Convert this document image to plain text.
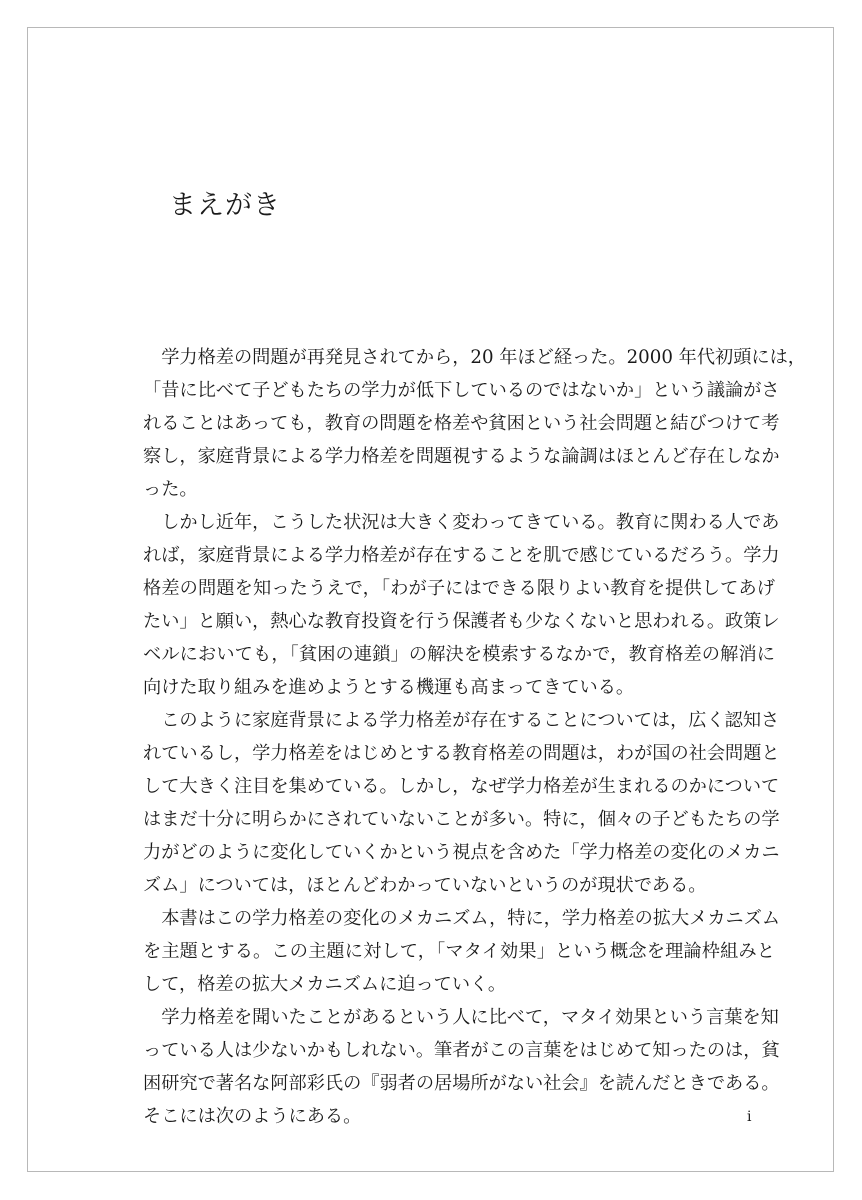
まえがき
　学力格差の問題が再発見されてから，20 年ほど経った。2000 年代初頭には，
「昔に比べて子どもたちの学力が低下しているのではないか」という議論がさ
れることはあっても，教育の問題を格差や貧困という社会問題と結びつけて考
察し，家庭背景による学力格差を問題視するような論調はほとんど存在しなか
った。
　しかし近年，こうした状況は大きく変わってきている。教育に関わる人であ
れば，家庭背景による学力格差が存在することを肌で感じているだろう。学力
格差の問題を知ったうえで，「わが子にはできる限りよい教育を提供してあげ
たい」と願い，熱心な教育投資を行う保護者も少なくないと思われる。政策レ
ベルにおいても，「貧困の連鎖」の解決を模索するなかで，教育格差の解消に
向けた取り組みを進めようとする機運も高まってきている。
　このように家庭背景による学力格差が存在することについては，広く認知さ
れているし，学力格差をはじめとする教育格差の問題は，わが国の社会問題と
して大きく注目を集めている。しかし，なぜ学力格差が生まれるのかについて
はまだ十分に明らかにされていないことが多い。特に，個々の子どもたちの学
力がどのように変化していくかという視点を含めた「学力格差の変化のメカニ
ズム」については，ほとんどわかっていないというのが現状である。
　本書はこの学力格差の変化のメカニズム，特に，学力格差の拡大メカニズム
を主題とする。この主題に対して，「マタイ効果」という概念を理論枠組みと
して，格差の拡大メカニズムに迫っていく。
　学力格差を聞いたことがあるという人に比べて，マタイ効果という言葉を知
っている人は少ないかもしれない。筆者がこの言葉をはじめて知ったのは，貧
困研究で著名な阿部彩氏の『弱者の居場所がない社会』を読んだときである。
そこには次のようにある。	i
